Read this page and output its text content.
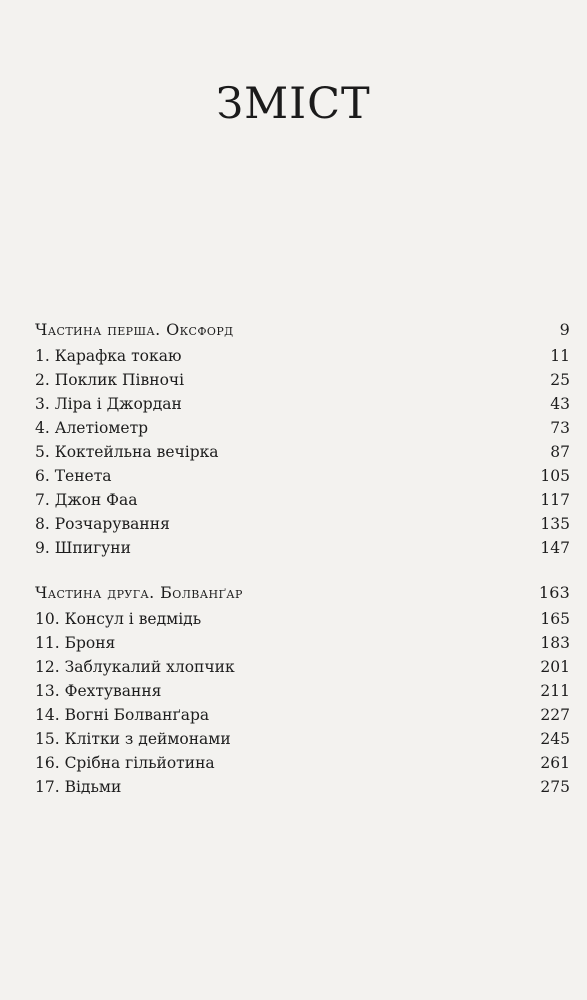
ЗМІСТ
Частина перша. Оксфорд	9
1. Карафка токаю	11
2. Поклик Півночі	25
3. Ліра і Джордан	43
4. Алетіометр	73
5. Коктейльна вечірка	87
6. Тенета	105
7. Джон Фаа	117
8. Розчарування	135
9. Шпигуни	147
Частина друга. Болванґар	163
10. Консул і ведмідь	165
11. Броня	183
12. Заблукалий хлопчик	201
13. Фехтування	211
14. Вогні Болванґара	227
15. Клітки з деймонами	245
16. Срібна гільйотина	261
17. Відьми	275
